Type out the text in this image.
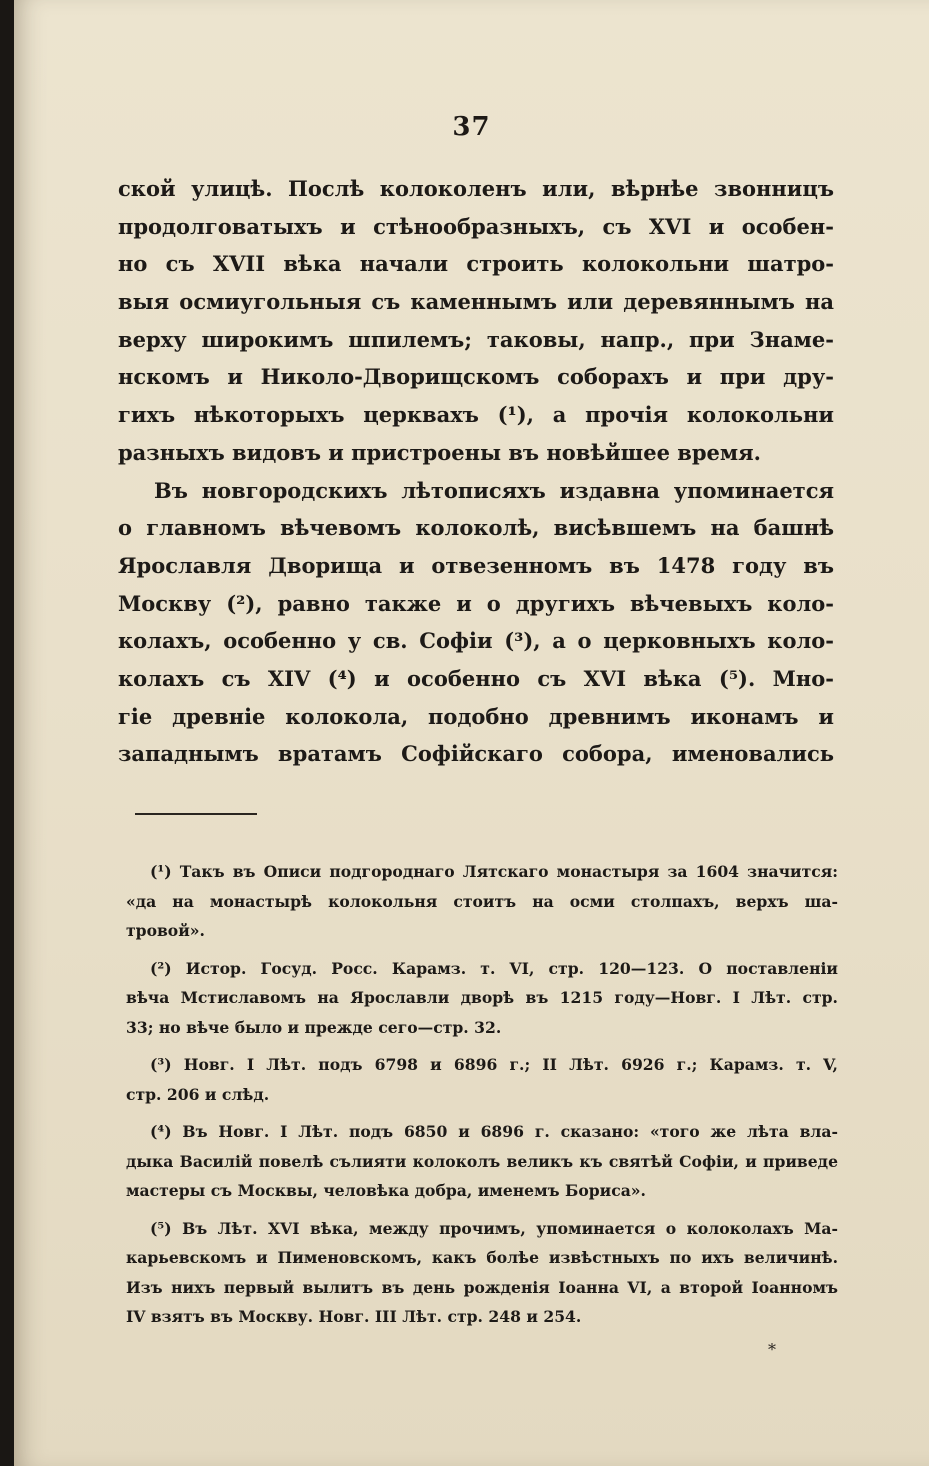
37
ской улицѣ. Послѣ колоколенъ или, вѣрнѣе звонницъ
продолговатыхъ и стѣнообразныхъ, съ XVI и особен-
но съ XVII вѣка начали строить колокольни шатро-
выя осмиугольныя съ каменнымъ или деревяннымъ на
верху широкимъ шпилемъ; таковы, напр., при Знаме-
нскомъ и Николо-Дворищскомъ соборахъ и при дру-
гихъ нѣкоторыхъ церквахъ (¹), а прочія колокольни
разныхъ видовъ и пристроены въ новѣйшее время.
Въ новгородскихъ лѣтописяхъ издавна упоминается
о главномъ вѣчевомъ колоколѣ, висѣвшемъ на башнѣ
Ярославля Дворища и отвезенномъ въ 1478 году въ
Москву (²), равно также и о другихъ вѣчевыхъ коло-
колахъ, особенно у св. Софіи (³), а о церковныхъ коло-
колахъ съ XIV (⁴) и особенно съ XVI вѣка (⁵). Мно-
гіе древніе колокола, подобно древнимъ иконамъ и
западнымъ вратамъ Софійскаго собора, именовались
(¹) Такъ въ Описи подгороднаго Лятскаго монастыря за 1604 значится:
«да на монастырѣ колокольня стоитъ на осми столпахъ, верхъ ша-
тровой».
(²) Истор. Госуд. Росс. Карамз. т. VI, стр. 120—123. О поставленіи
вѣча Мстиславомъ на Ярославли дворѣ въ 1215 году—Новг. I Лѣт. стр.
33; но вѣче было и прежде сего—стр. 32.
(³) Новг. I Лѣт. подъ 6798 и 6896 г.; II Лѣт. 6926 г.; Карамз. т. V,
стр. 206 и слѣд.
(⁴) Въ Новг. I Лѣт. подъ 6850 и 6896 г. сказано: «того же лѣта вла-
дыка Василій повелѣ сълияти колоколъ великъ къ святѣй Софіи, и приведе
мастеры съ Москвы, человѣка добра, именемъ Бориса».
(⁵) Въ Лѣт. XVI вѣка, между прочимъ, упоминается о колоколахъ Ма-
карьевскомъ и Пименовскомъ, какъ болѣе извѣстныхъ по ихъ величинѣ.
Изъ нихъ первый вылитъ въ день рожденія Іоанна VI, а второй Іоанномъ
IV взятъ въ Москву. Новг. III Лѣт. стр. 248 и 254.
*
